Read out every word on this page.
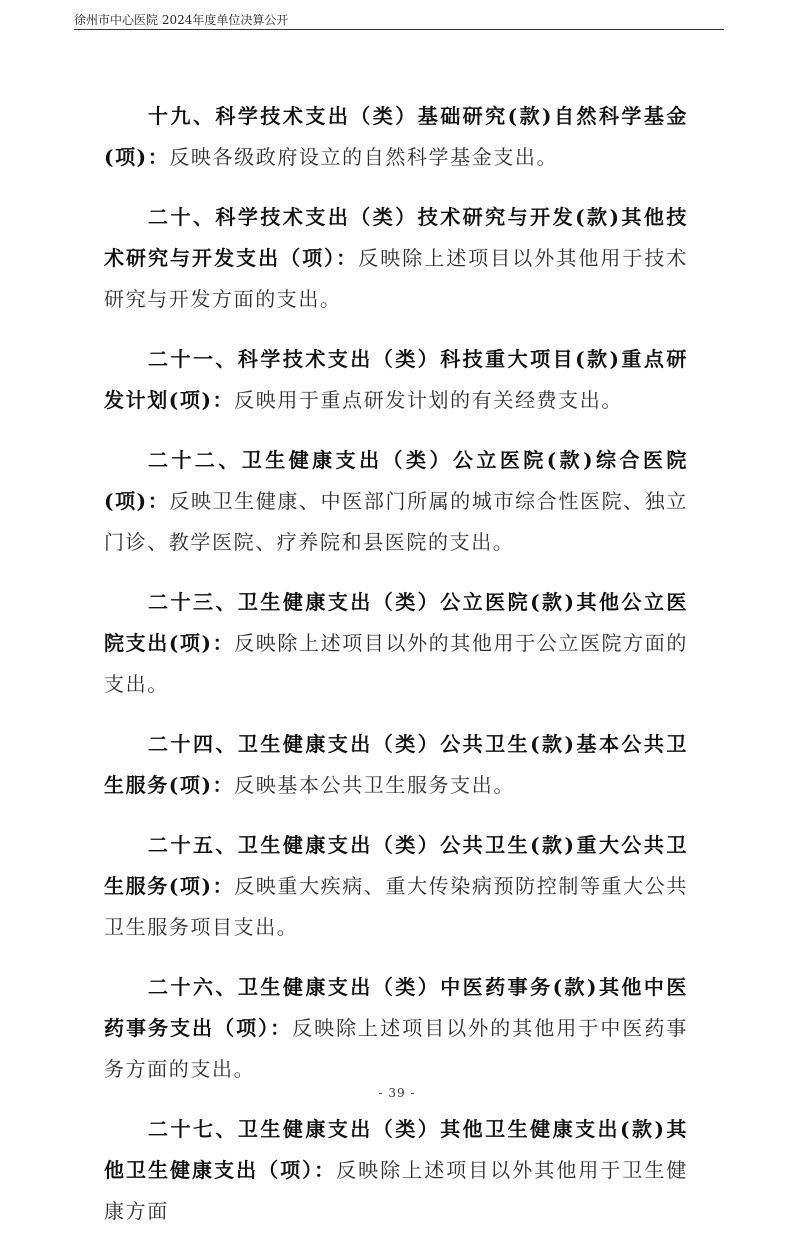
徐州市中心医院 2024年度单位决算公开

十九、科学技术支出（类）基础研究(款)自然科学基金(项)：反映各级政府设立的自然科学基金支出。

二十、科学技术支出（类）技术研究与开发(款)其他技术研究与开发支出（项）：反映除上述项目以外其他用于技术研究与开发方面的支出。

二十一、科学技术支出（类）科技重大项目(款)重点研发计划(项)：反映用于重点研发计划的有关经费支出。

二十二、卫生健康支出（类）公立医院(款)综合医院(项)：反映卫生健康、中医部门所属的城市综合性医院、独立门诊、教学医院、疗养院和县医院的支出。

二十三、卫生健康支出（类）公立医院(款)其他公立医院支出(项)：反映除上述项目以外的其他用于公立医院方面的支出。

二十四、卫生健康支出（类）公共卫生(款)基本公共卫生服务(项)：反映基本公共卫生服务支出。

二十五、卫生健康支出（类）公共卫生(款)重大公共卫生服务(项)：反映重大疾病、重大传染病预防控制等重大公共卫生服务项目支出。

二十六、卫生健康支出（类）中医药事务(款)其他中医药事务支出（项）：反映除上述项目以外的其他用于中医药事务方面的支出。

二十七、卫生健康支出（类）其他卫生健康支出(款)其他卫生健康支出（项）：反映除上述项目以外其他用于卫生健康方面

- 39 -
